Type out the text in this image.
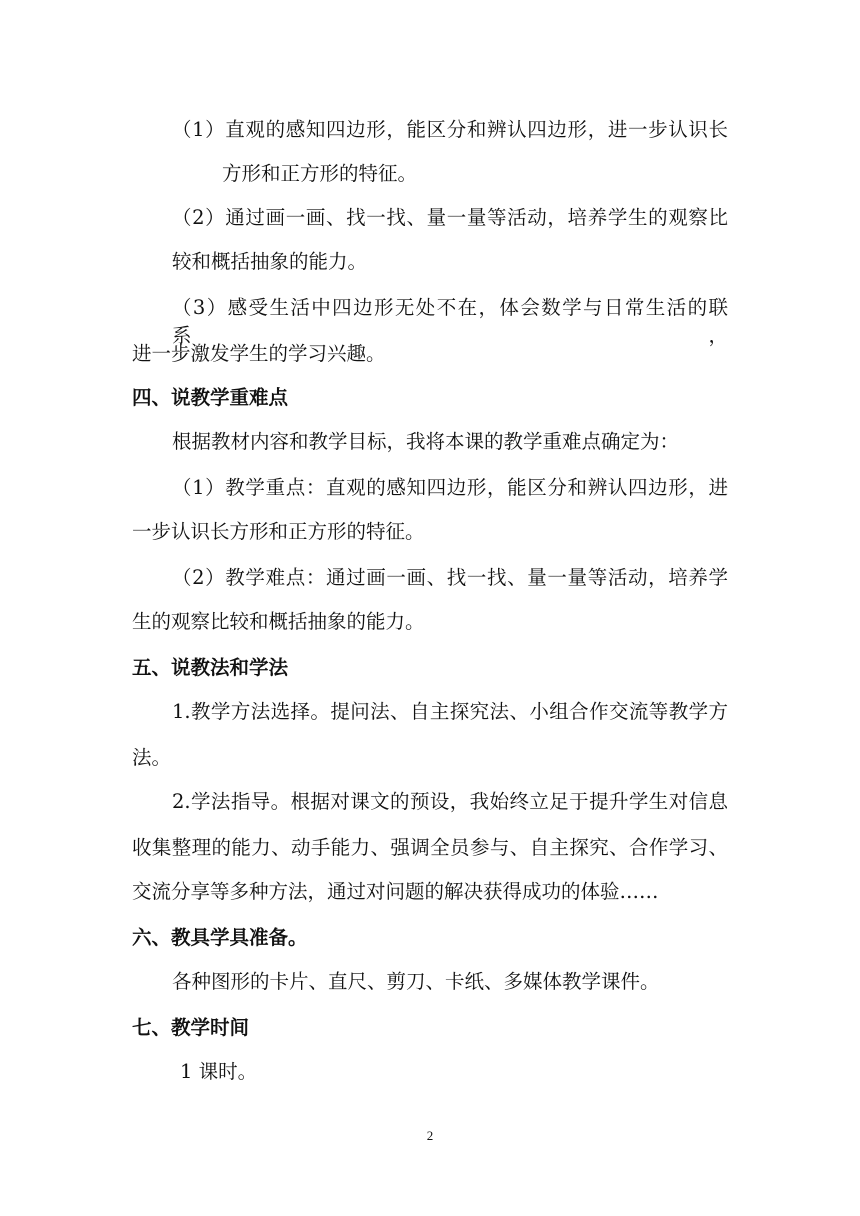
（1）直观的感知四边形，能区分和辨认四边形，进一步认识长
方形和正方形的特征。
（2）通过画一画、找一找、量一量等活动，培养学生的观察比
较和概括抽象的能力。
（3）感受生活中四边形无处不在，体会数学与日常生活的联系，
进一步激发学生的学习兴趣。
四、说教学重难点
根据教材内容和教学目标，我将本课的教学重难点确定为：
（1）教学重点：直观的感知四边形，能区分和辨认四边形，进
一步认识长方形和正方形的特征。
（2）教学难点：通过画一画、找一找、量一量等活动，培养学
生的观察比较和概括抽象的能力。
五、说教法和学法
1.教学方法选择。提问法、自主探究法、小组合作交流等教学方
法。
2.学法指导。根据对课文的预设，我始终立足于提升学生对信息
收集整理的能力、动手能力、强调全员参与、自主探究、合作学习、
交流分享等多种方法，通过对问题的解决获得成功的体验……
六、教具学具准备。
各种图形的卡片、直尺、剪刀、卡纸、多媒体教学课件。
七、教学时间
1 课时。
2
